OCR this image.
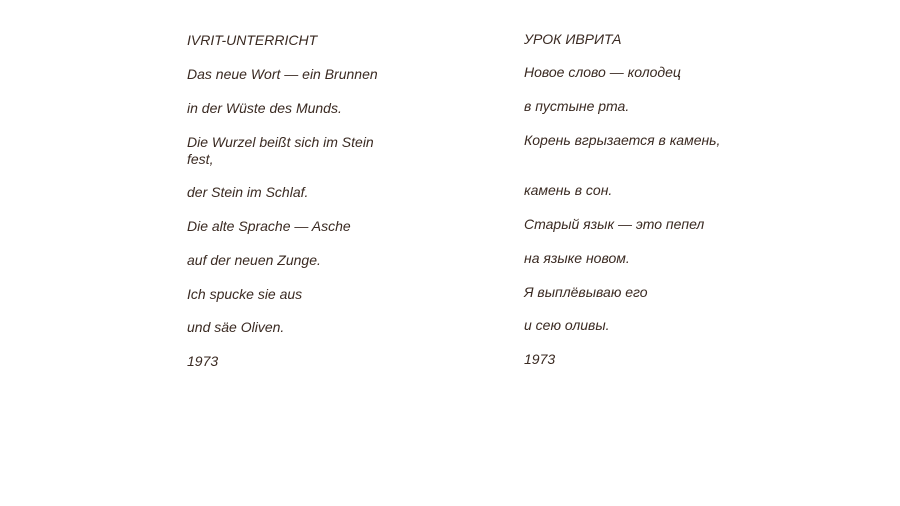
IVRIT-UNTERRICHT

Das neue Wort — ein Brunnen

in der Wüste des Munds.

Die Wurzel beißt sich im Stein fest,

der Stein im Schlaf.

Die alte Sprache — Asche

auf der neuen Zunge.

Ich spucke sie aus

und säe Oliven.

1973

УРОК ИВРИТА

Новое слово — колодец

в пустыне рта.

Корень вгрызается в камень,

камень в сон.

Старый язык — это пепел

на языке новом.

Я выплёвываю его

и сею оливы.

1973
